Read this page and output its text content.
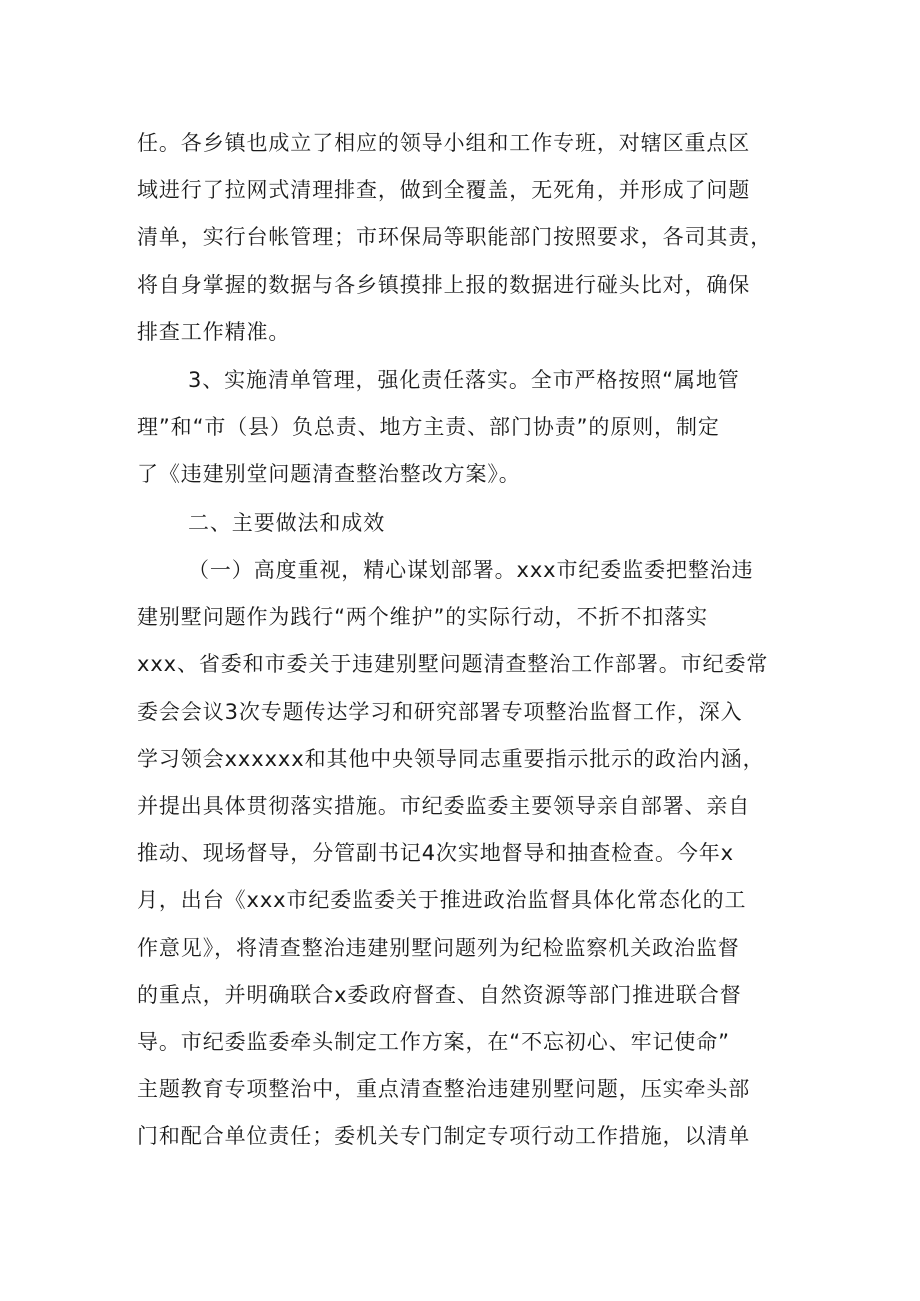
任。各乡镇也成立了相应的领导小组和工作专班，对辖区重点区
域进行了拉网式清理排查，做到全覆盖，无死角，并形成了问题
清单，实行台帐管理；市环保局等职能部门按照要求，各司其责，
将自身掌握的数据与各乡镇摸排上报的数据进行碰头比对，确保
排查工作精准。
3、实施清单管理，强化责任落实。全市严格按照“属地管
理”和“市（县）负总责、地方主责、部门协责”的原则，制定
了《违建别堂问题清查整治整改方案》。
二、主要做法和成效
（一）高度重视，精心谋划部署。xxx市纪委监委把整治违
建别墅问题作为践行“两个维护”的实际行动，不折不扣落实
xxx、省委和市委关于违建别墅问题清查整治工作部署。市纪委常
委会会议3次专题传达学习和研究部署专项整治监督工作，深入
学习领会xxxxxx和其他中央领导同志重要指示批示的政治内涵，
并提出具体贯彻落实措施。市纪委监委主要领导亲自部署、亲自
推动、现场督导，分管副书记4次实地督导和抽查检查。今年x
月，出台《xxx市纪委监委关于推进政治监督具体化常态化的工
作意见》，将清查整治违建别墅问题列为纪检监察机关政治监督
的重点，并明确联合x委政府督查、自然资源等部门推进联合督
导。市纪委监委牵头制定工作方案，在“不忘初心、牢记使命”
主题教育专项整治中，重点清查整治违建别墅问题，压实牵头部
门和配合单位责任；委机关专门制定专项行动工作措施，以清单
